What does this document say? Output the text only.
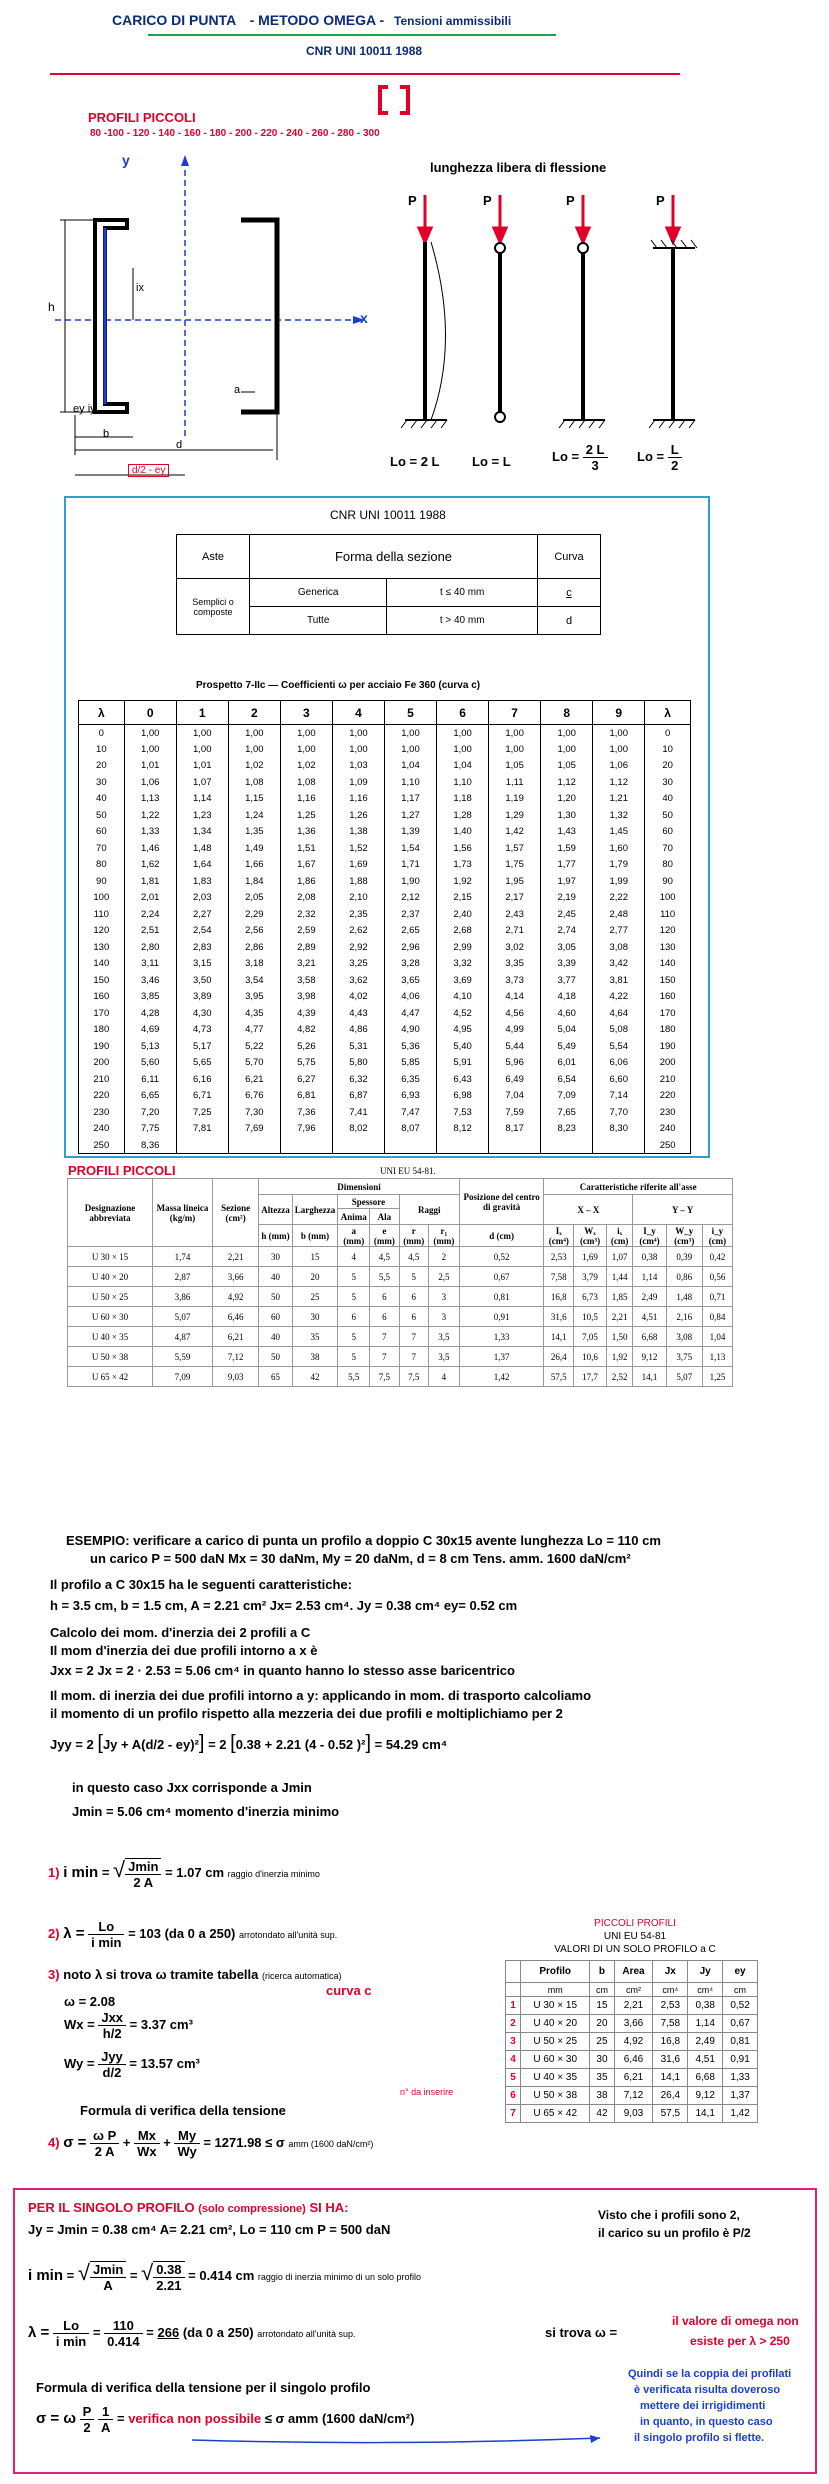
CARICO DI PUNTA - METODO OMEGA - Tensioni ammissibili
CNR UNI 10011 1988
PROFILI PICCOLI
80 -100 - 120 - 140 - 160 - 180 - 200 - 220 - 240 - 260 - 280 - 300
y
x
h
ix
ey iy
b
a
d/2 - ey
d
lunghezza libera di flessione
P	P	P	P
Lo = 2 L	Lo = L	$Lo = \frac{2 L}{3}$ $Lo = \frac{L}{2}$
CNR UNI 10011 1988
Aste	Forma della sezione		Curva
Semplici o composte	Generica	t ≤ 40 mm	c
	Tutte	t > 40 mm	d
Prospetto 7-IIc — Coefficienti ω per acciaio Fe 360 (curva c)
λ	0	1	2	3	4	5	6	7	8	9	λ
0	1,00	1,00	1,00	1,00	1,00	1,00	1,00	1,00	1,00	1,00	0
10	1,00	1,00	1,00	1,00	1,00	1,00	1,00	1,00	1,00	1,00	10
20	1,01	1,01	1,02	1,02	1,03	1,04	1,04	1,05	1,05	1,06	20
30	1,06	1,07	1,08	1,08	1,09	1,10	1,10	1,11	1,12	1,12	30
40	1,13	1,14	1,15	1,16	1,16	1,17	1,18	1,19	1,20	1,21	40
50	1,22	1,23	1,24	1,25	1,26	1,27	1,28	1,29	1,30	1,32	50
60	1,33	1,34	1,35	1,36	1,38	1,39	1,40	1,42	1,43	1,45	60
70	1,46	1,48	1,49	1,51	1,52	1,54	1,56	1,57	1,59	1,60	70
80	1,62	1,64	1,66	1,67	1,69	1,71	1,73	1,75	1,77	1,79	80
90	1,81	1,83	1,84	1,86	1,88	1,90	1,92	1,95	1,97	1,99	90
100	2,01	2,03	2,05	2,08	2,10	2,12	2,15	2,17	2,19	2,22	100
110	2,24	2,27	2,29	2,32	2,35	2,37	2,40	2,43	2,45	2,48	110
120	2,51	2,54	2,56	2,59	2,62	2,65	2,68	2,71	2,74	2,77	120
130	2,80	2,83	2,86	2,89	2,92	2,96	2,99	3,02	3,05	3,08	130
140	3,11	3,15	3,18	3,21	3,25	3,28	3,32	3,35	3,39	3,42	140
150	3,46	3,50	3,54	3,58	3,62	3,65	3,69	3,73	3,77	3,81	150
160	3,85	3,89	3,95	3,98	4,02	4,06	4,10	4,14	4,18	4,22	160
170	4,28	4,30	4,35	4,39	4,43	4,47	4,52	4,56	4,60	4,64	170
180	4,69	4,73	4,77	4,82	4,86	4,90	4,95	4,99	5,04	5,08	180
190	5,13	5,17	5,22	5,26	5,31	5,36	5,40	5,44	5,49	5,54	190
200	5,60	5,65	5,70	5,75	5,80	5,85	5,91	5,96	6,01	6,06	200
210	6,11	6,16	6,21	6,27	6,32	6,35	6,43	6,49	6,54	6,60	210
220	6,65	6,71	6,76	6,81	6,87	6,93	6,98	7,04	7,09	7,14	220
230	7,20	7,25	7,30	7,36	7,41	7,47	7,53	7,59	7,65	7,70	230
240	7,75	7,81	7,69	7,96	8,02	8,07	8,12	8,17	8,23	8,30	240
250	8,36										250
PROFILI PICCOLI	UNI EU 54-81.
Designazione abbreviata	Massa lineica (kg/m)	Sezione (cm²)	Dimensioni						Posizione del centro di gravità	Caratteristiche riferite all'asse					
			Altezza	Larghezza	Spessore		Raggi			X – X			Y – Y		
					Anima	Ala									
			h (mm)	b (mm)	a (mm)	e (mm)	r (mm)	r₁ (mm)	d (cm)	Iₓ (cm⁴)	Wₓ (cm³)	iₓ (cm)	I_y (cm⁴)	W_y (cm³)	i_y (cm)
U 30 × 15	1,74	2,21	30	15	4	4,5	4,5	2	0,52	2,53	1,69	1,07	0,38	0,39	0,42
U 40 × 20	2,87	3,66	40	20	5	5,5	5	2,5	0,67	7,58	3,79	1,44	1,14	0,86	0,56
U 50 × 25	3,86	4,92	50	25	5	6	6	3	0,81	16,8	6,73	1,85	2,49	1,48	0,71
U 60 × 30	5,07	6,46	60	30	6	6	6	3	0,91	31,6	10,5	2,21	4,51	2,16	0,84
U 40 × 35	4,87	6,21	40	35	5	7	7	3,5	1,33	14,1	7,05	1,50	6,68	3,08	1,04
U 50 × 38	5,59	7,12	50	38	5	7	7	3,5	1,37	26,4	10,6	1,92	9,12	3,75	1,13
U 65 × 42	7,09	9,03	65	42	5,5	7,5	7,5	4	1,42	57,5	17,7	2,52	14,1	5,07	1,25
ESEMPIO: verificare a carico di punta un profilo a doppio C 30x15 avente lunghezza Lo = 110 cm
un carico P = 500 daN Mx = 30 daNm, My = 20 daNm, d = 8 cm Tens. amm. 1600 daN/cm²
Il profilo a C 30x15 ha le seguenti caratteristiche:
h = 3.5 cm, b = 1.5 cm, A = 2.21 cm² Jx= 2.53 cm⁴. Jy = 0.38 cm⁴ ey= 0.52 cm
Calcolo dei mom. d'inerzia dei 2 profili a C
Il mom d'inerzia dei due profili intorno a x è
Jxx = 2 Jx = 2 · 2.53 = 5.06 cm⁴ in quanto hanno lo stesso asse baricentrico
Il mom. di inerzia dei due profili intorno a y: applicando in mom. di trasporto calcoliamo
il momento di un profilo rispetto alla mezzeria dei due profili e moltiplichiamo per 2
Jyy = 2 [Jy + A(d/2 - ey)²] = 2 [0.38 + 2.21 (4 - 0.52 )²] = 54.29 cm⁴
in questo caso Jxx corrisponde a Jmin
Jmin = 5.06 cm⁴ momento d'inerzia minimo
1) i min = √ $\frac{Jmin}{2 A} = 1.07$ cm raggio d'inerzia minimo
2) $\lambda = \frac{Lo}{\text{i min}} = 103$ (da 0 a 250) arrotondato all'unità sup.
3) noto λ si trova ω tramite tabella (ricerca automatica)
curva c
ω = 2.08
$Wx = \frac{\text{Jxx}}{h/2} = 3.37$ cm³
$Wy = \frac{\text{Jyy}}{d/2} = 13.57$ cm³
Formula di verifica della tensione
4) $\sigma = \frac{\text{ω P}}{2 A} + \frac{Mx}{Wx} + \frac{My}{Wy} = 1271.98 \le \sigma$ amm (1600 daN/cm²)
PICCOLI PROFILI
UNI EU 54-81
VALORI DI UN SOLO PROFILO a C
	Profilo	b	Area	Jx	Jy	ey
	mm	cm	cm²	cm⁴	cm⁴	cm
1	U 30 × 15	15	2,21	2,53	0,38	0,52
2	U 40 × 20	20	3,66	7,58	1,14	0,67
3	U 50 × 25	25	4,92	16,8	2,49	0,81
4	U 60 × 30	30	6,46	31,6	4,51	0,91
5	U 40 × 35	35	6,21	14,1	6,68	1,33
6	U 50 × 38	38	7,12	26,4	9,12	1,37
7	U 65 × 42	42	9,03	57,5	14,1	1,42
n° da inserire
PER IL SINGOLO PROFILO (solo compressione) SI HA:
Jy = Jmin = 0.38 cm⁴ A= 2.21 cm², Lo = 110 cm P = 500 daN
Visto che i profili sono 2,
il carico su un profilo è P/2
i min = √ $\frac{Jmin}{A}$ = √ $\frac{0.38}{2.21} = 0.414$ cm raggio di inerzia minimo di un solo profilo
$\lambda = \frac{Lo}{\text{i min}} = \frac{110}{0.414} = 266$ (da 0 a 250) arrotondato all'unità sup.	si trova ω =
il valore di omega non
esiste per λ > 250
Formula di verifica della tensione per il singolo profilo
σ = ω $\frac{P}{2}$
$\frac{1}{A}$ = verifica non possibile ≤ σ amm (1600 daN/cm²)
Quindi se la coppia dei profilati
è verificata risulta doveroso
mettere dei irrigidimenti
in quanto, in questo caso
il singolo profilo si flette.
